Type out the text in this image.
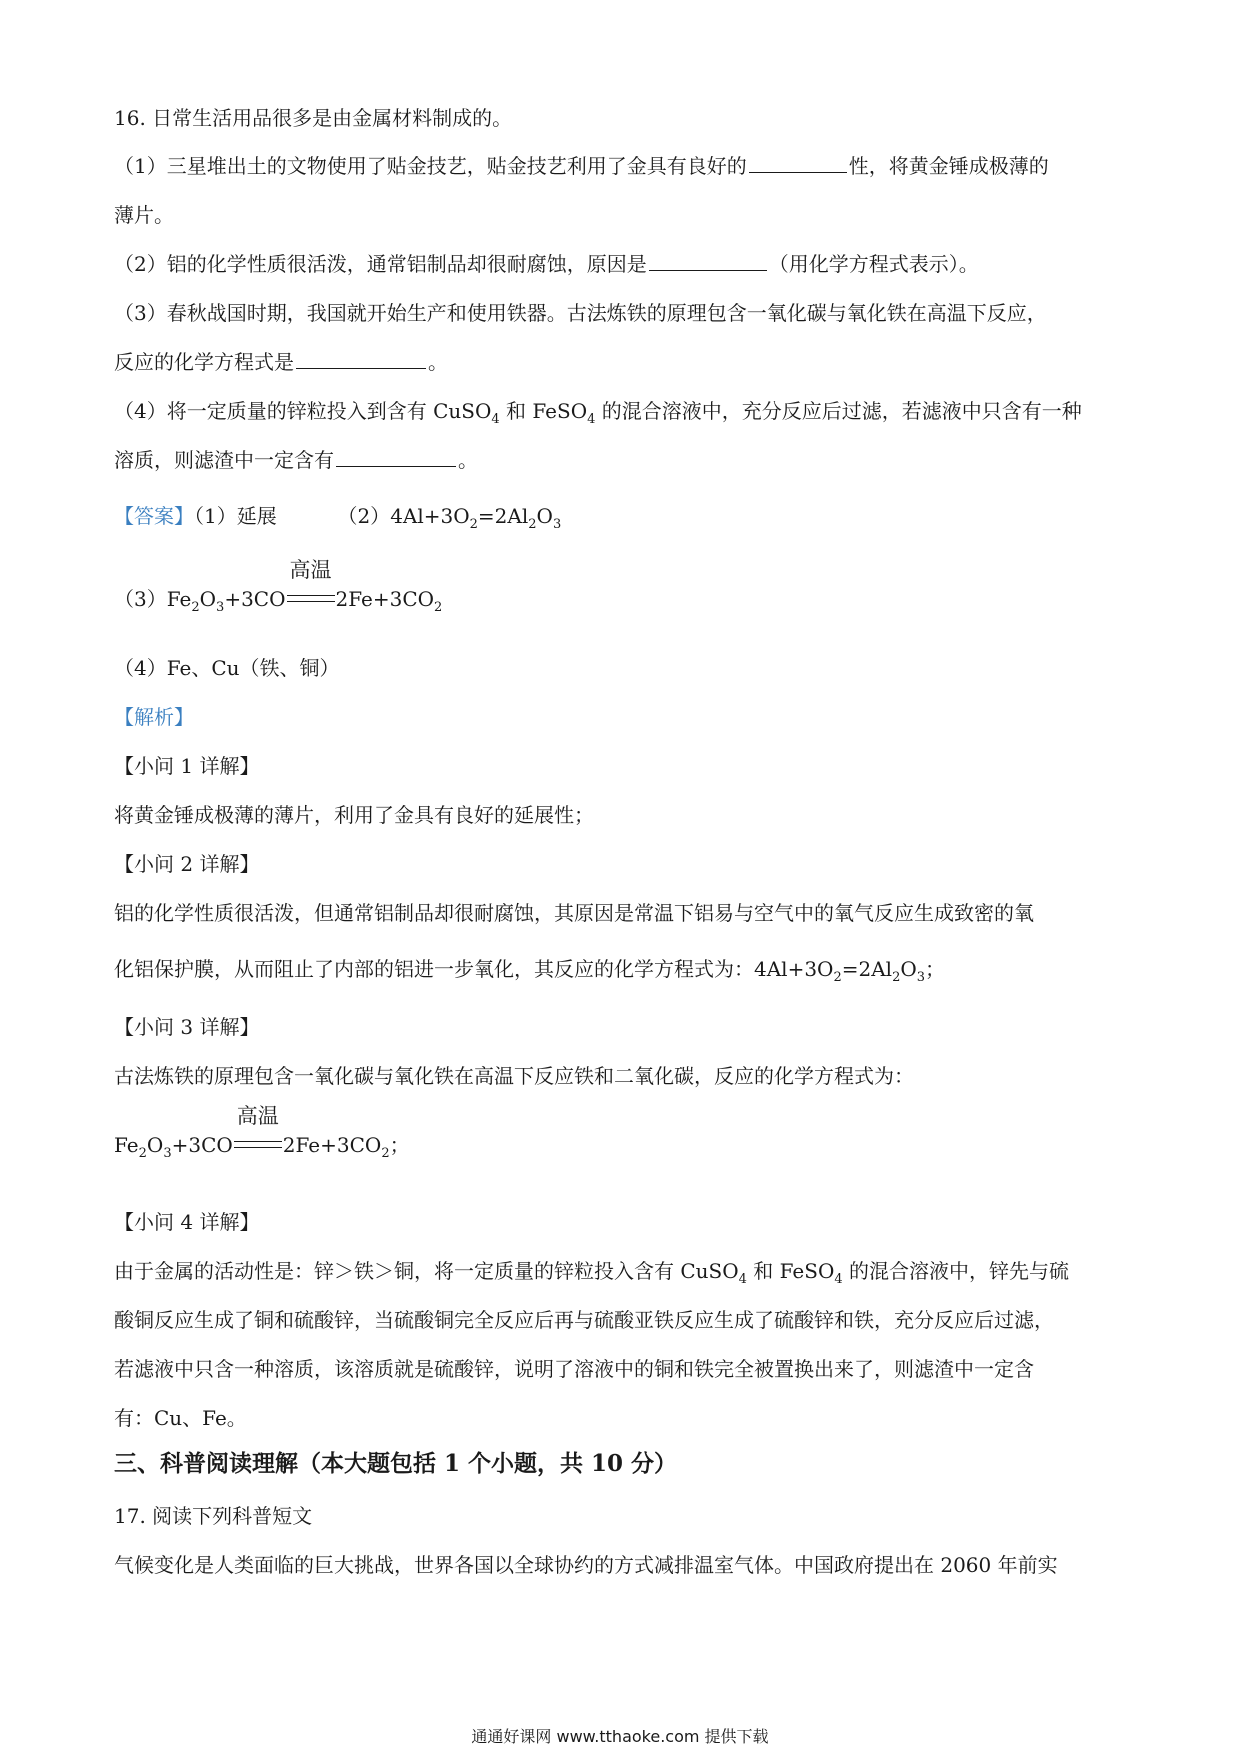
16. 日常生活用品很多是由金属材料制成的。

（1）三星堆出土的文物使用了贴金技艺，贴金技艺利用了金具有良好的	性，将黄金锤成极薄的

薄片。

（2）铝的化学性质很活泼，通常铝制品却很耐腐蚀，原因是	（用化学方程式表示）。

（3）春秋战国时期，我国就开始生产和使用铁器。古法炼铁的原理包含一氧化碳与氧化铁在高温下反应，

反应的化学方程式是	。

（4）将一定质量的锌粒投入到含有 CuSO$_4$ 和 FeSO$_4$ 的混合溶液中，充分反应后过滤，若滤液中只含有一种

溶质，则滤渣中一定含有	。

【答案】（1）延展	$(2)4Al+3O_2=2Al_2O_3$

$(3)Fe_2O_3+3CO$
高温
$2Fe+3CO_2$

（4）Fe、Cu（铁、铜）

【解析】

【小问 1 详解】

将黄金锤成极薄的薄片，利用了金具有良好的延展性；

【小问 2 详解】

铝的化学性质很活泼，但通常铝制品却很耐腐蚀，其原因是常温下铝易与空气中的氧气反应生成致密的氧

化铝保护膜，从而阻止了内部的铝进一步氧化，其反应的化学方程式为：$4Al+3O_2=2Al_2O_3$；

【小问 3 详解】

古法炼铁的原理包含一氧化碳与氧化铁在高温下反应铁和二氧化碳，反应的化学方程式为：

$Fe_2O_3+3CO$
高温
$2Fe+3CO_2$；

【小问 4 详解】

由于金属的活动性是：锌＞铁＞铜，将一定质量的锌粒投入含有 CuSO$_4$ 和 FeSO$_4$ 的混合溶液中，锌先与硫

酸铜反应生成了铜和硫酸锌，当硫酸铜完全反应后再与硫酸亚铁反应生成了硫酸锌和铁，充分反应后过滤，

若滤液中只含一种溶质，该溶质就是硫酸锌，说明了溶液中的铜和铁完全被置换出来了，则滤渣中一定含

有：Cu、Fe。

三、科普阅读理解（本大题包括 1 个小题，共 10 分）

17. 阅读下列科普短文

气候变化是人类面临的巨大挑战，世界各国以全球协约的方式减排温室气体。中国政府提出在 2060 年前实

通通好课网 www.tthaoke.com 提供下载
